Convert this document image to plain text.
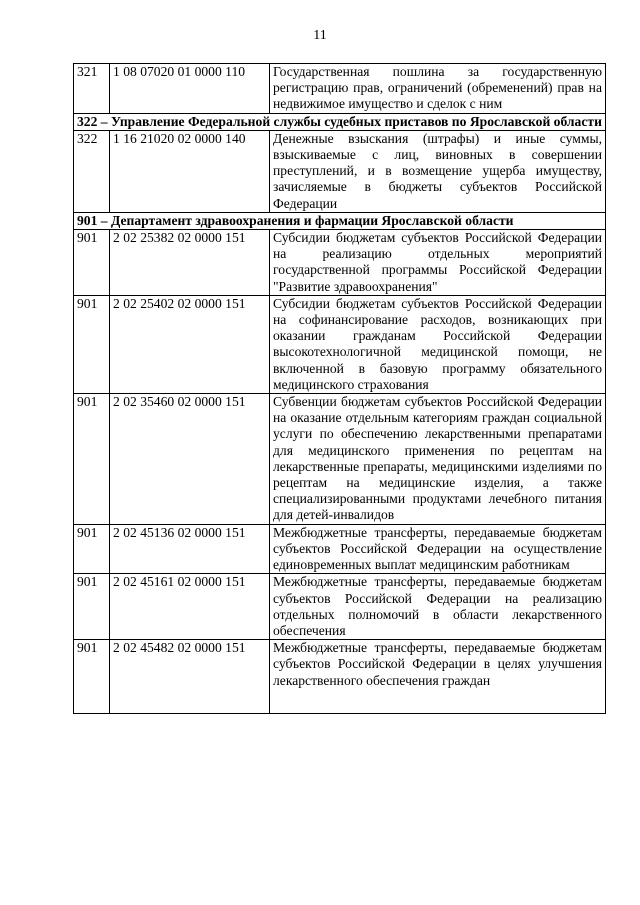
11
321	1 08 07020 01 0000 110	Государственная пошлина за государственную регистрацию прав, ограничений (обременений) прав на недвижимое имущество и сделок с ним
322 – Управление Федеральной службы судебных приставов по Ярославской области		
322	1 16 21020 02 0000 140	Денежные взыскания (штрафы) и иные суммы, взыскиваемые с лиц, виновных в совершении преступлений, и в возмещение ущерба имуществу, зачисляемые в бюджеты субъектов Российской Федерации
901 – Департамент здравоохранения и фармации Ярославской области		
901	2 02 25382 02 0000 151	Субсидии бюджетам субъектов Российской Федерации на реализацию отдельных мероприятий государственной программы Российской Федерации "Развитие здравоохранения"
901	2 02 25402 02 0000 151	Субсидии бюджетам субъектов Российской Федерации на софинансирование расходов, возникающих при оказании гражданам Российской Федерации высокотехнологичной медицинской помощи, не включенной в базовую программу обязательного медицинского страхования
901	2 02 35460 02 0000 151	Субвенции бюджетам субъектов Российской Федерации на оказание отдельным категориям граждан социальной услуги по обеспечению лекарственными препаратами для медицинского применения по рецептам на лекарственные препараты, медицинскими изделиями по рецептам на медицинские изделия, а также специализированными продуктами лечебного питания для детей-инвалидов
901	2 02 45136 02 0000 151	Межбюджетные трансферты, передаваемые бюджетам субъектов Российской Федерации на осуществление единовременных выплат медицинским работникам
901	2 02 45161 02 0000 151	Межбюджетные трансферты, передаваемые бюджетам субъектов Российской Федерации на реализацию отдельных полномочий в области лекарственного обеспечения
901	2 02 45482 02 0000 151	Межбюджетные трансферты, передаваемые бюджетам субъектов Российской Федерации в целях улучшения лекарственного обеспечения граждан
